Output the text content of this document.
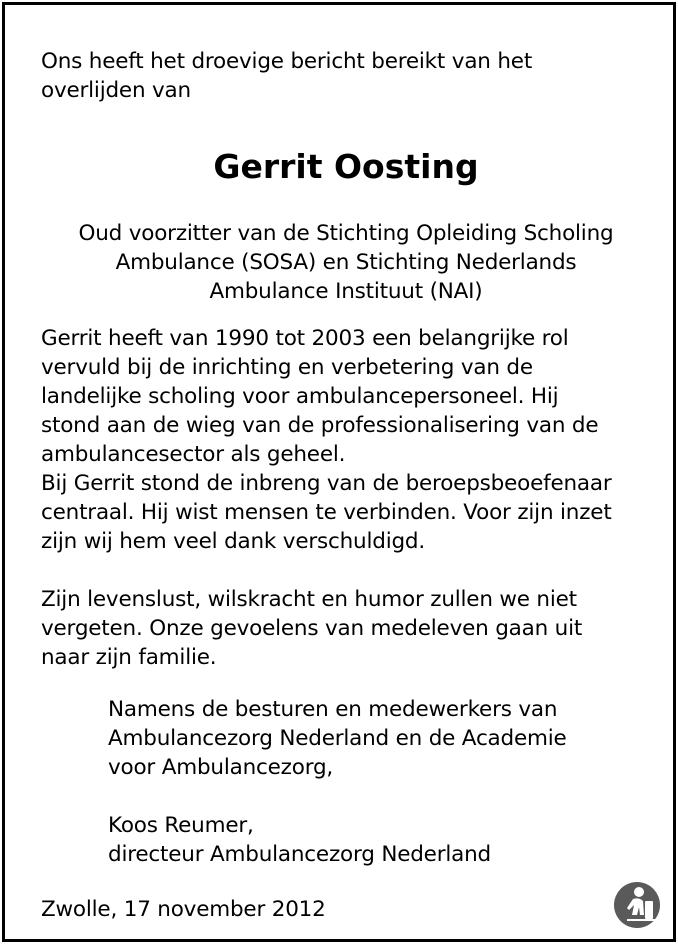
Ons heeft het droevige bericht bereikt van het
overlijden van

Gerrit Oosting

Oud voorzitter van de Stichting Opleiding Scholing
Ambulance (SOSA) en Stichting Nederlands
Ambulance Instituut (NAI)

Gerrit heeft van 1990 tot 2003 een belangrijke rol
vervuld bij de inrichting en verbetering van de
landelijke scholing voor ambulancepersoneel. Hij
stond aan de wieg van de professionalisering van de
ambulancesector als geheel.
Bij Gerrit stond de inbreng van de beroepsbeoefenaar
centraal. Hij wist mensen te verbinden. Voor zijn inzet
zijn wij hem veel dank verschuldigd.

Zijn levenslust, wilskracht en humor zullen we niet
vergeten. Onze gevoelens van medeleven gaan uit
naar zijn familie.

Namens de besturen en medewerkers van
Ambulancezorg Nederland en de Academie
voor Ambulancezorg,

Koos Reumer,
directeur Ambulancezorg Nederland

Zwolle, 17 november 2012
